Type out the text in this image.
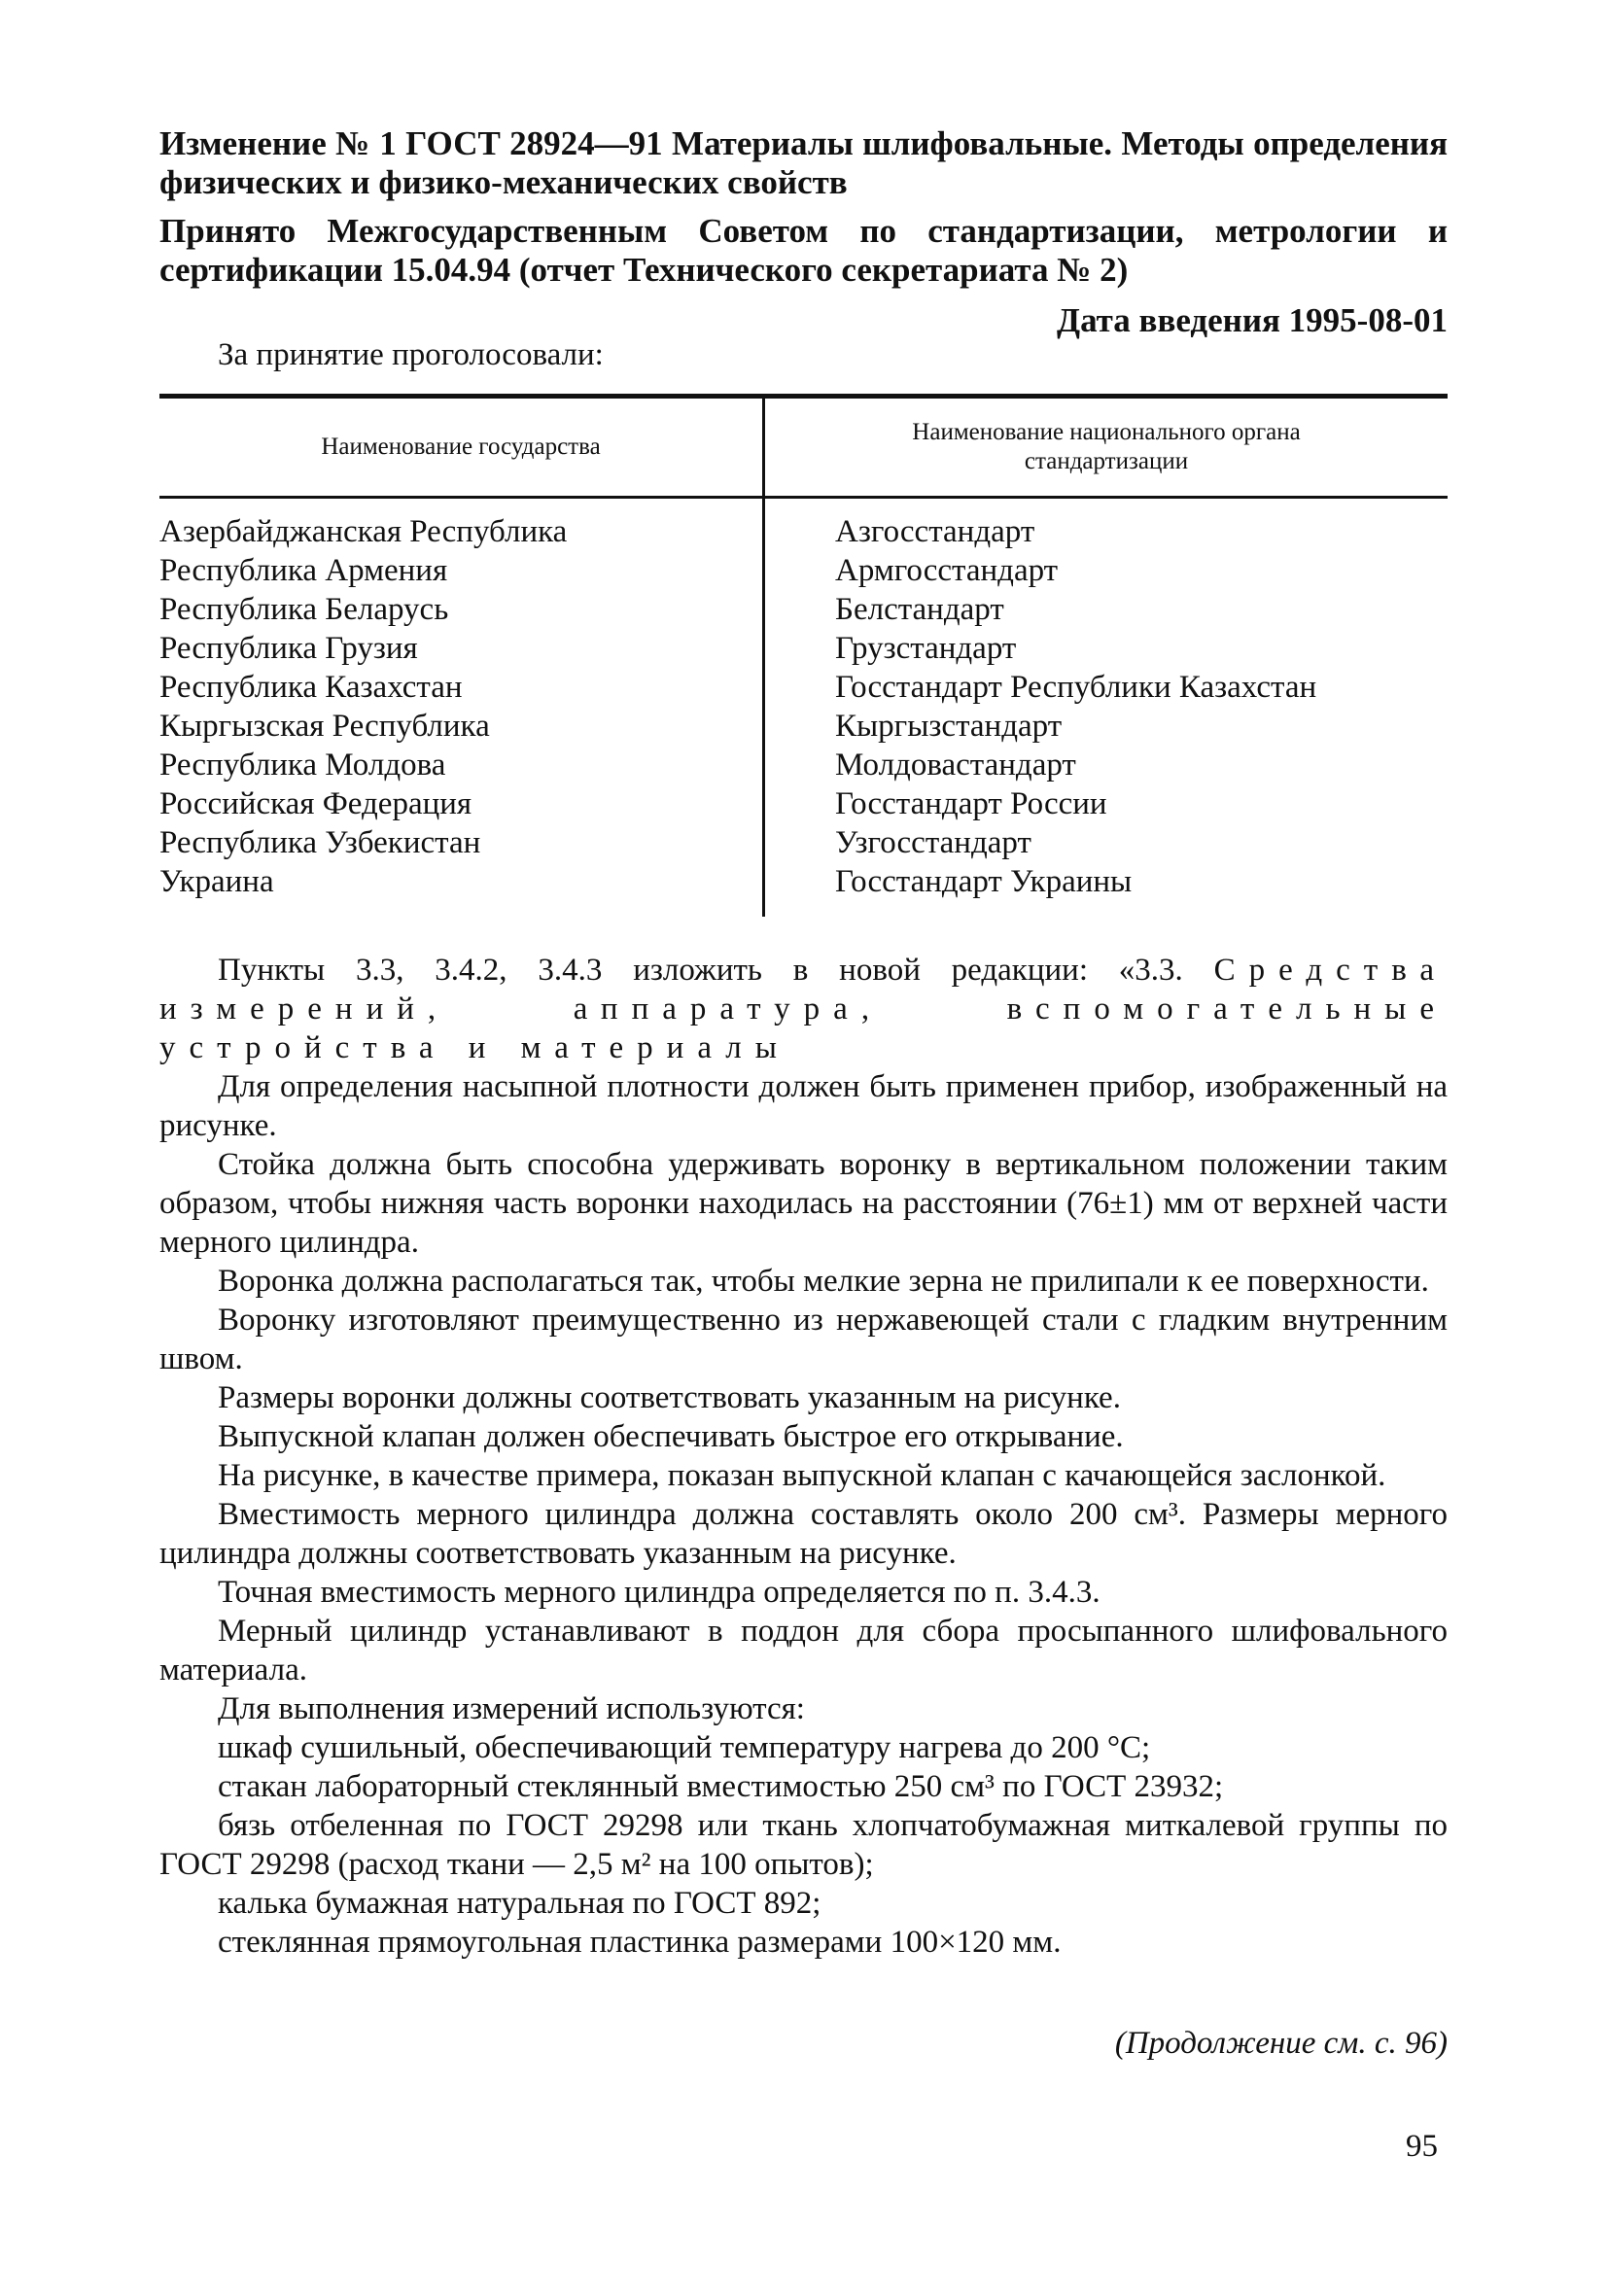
Изменение № 1 ГОСТ 28924—91 Материалы шлифовальные. Методы определения физических и физико-механических свойств
Принято Межгосударственным Советом по стандартизации, метрологии и сертификации 15.04.94 (отчет Технического секретариата № 2)
Дата введения 1995-08-01
За принятие проголосовали:
Наименование государства
Наименование национального органа стандартизации
Азербайджанская Республика
Республика Армения
Республика Беларусь
Республика Грузия
Республика Казахстан
Кыргызская Республика
Республика Молдова
Российская Федерация
Республика Узбекистан
Украина
Азгосстандарт
Армгосстандарт
Белстандарт
Грузстандарт
Госстандарт Республики Казахстан
Кыргызстандарт
Молдовастандарт
Госстандарт России
Узгосстандарт
Госстандарт Украины

Пункты 3.3, 3.4.2, 3.4.3 изложить в новой редакции: «3.3. Средства измерений, аппаратура, вспомогательные устройства и материалы

Для определения насыпной плотности должен быть применен прибор, изображенный на рисунке.

Стойка должна быть способна удерживать воронку в вертикальном положении таким образом, чтобы нижняя часть воронки находилась на расстоянии (76±1) мм от верхней части мерного цилиндра.

Воронка должна располагаться так, чтобы мелкие зерна не прилипали к ее поверхности.

Воронку изготовляют преимущественно из нержавеющей стали с гладким внутренним швом.

Размеры воронки должны соответствовать указанным на рисунке.

Выпускной клапан должен обеспечивать быстрое его открывание.

На рисунке, в качестве примера, показан выпускной клапан с качающейся заслонкой.

Вместимость мерного цилиндра должна составлять около 200 см³. Размеры мерного цилиндра должны соответствовать указанным на рисунке.

Точная вместимость мерного цилиндра определяется по п. 3.4.3.

Мерный цилиндр устанавливают в поддон для сбора просыпанного шлифовального материала.

Для выполнения измерений используются:

шкаф сушильный, обеспечивающий температуру нагрева до 200 °С;

стакан лабораторный стеклянный вместимостью 250 см³ по ГОСТ 23932;

бязь отбеленная по ГОСТ 29298 или ткань хлопчатобумажная миткалевой группы по ГОСТ 29298 (расход ткани — 2,5 м² на 100 опытов);

калька бумажная натуральная по ГОСТ 892;

стеклянная прямоугольная пластинка размерами 100×120 мм.

(Продолжение см. с. 96)
95
